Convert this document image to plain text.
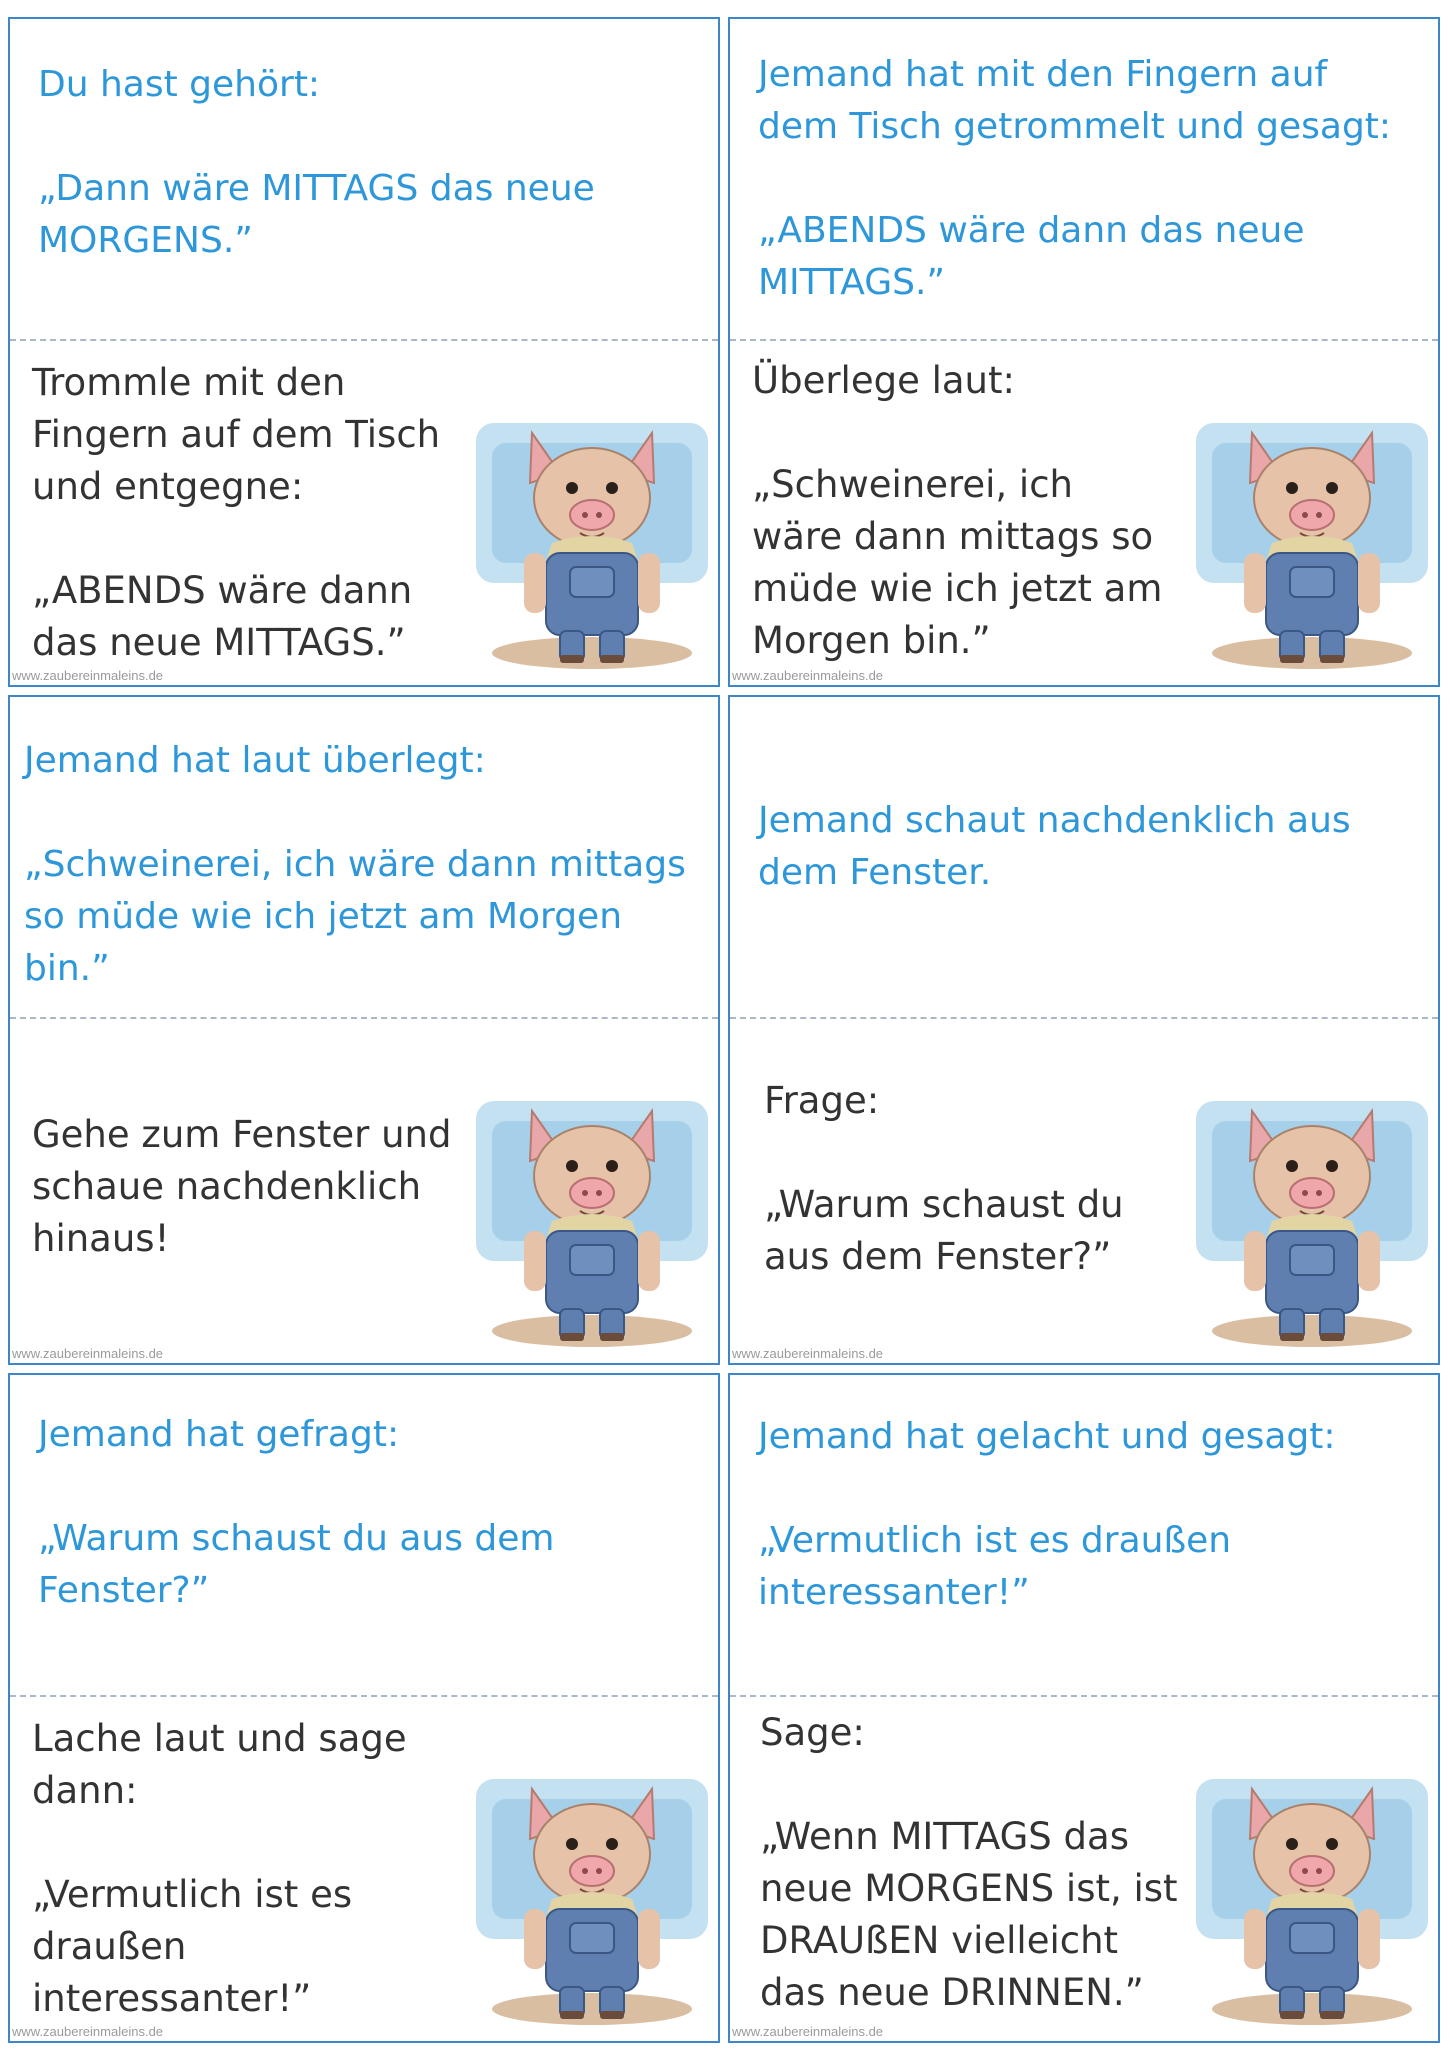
Du hast gehört:

„Dann wäre MITTAGS das neue MORGENS.”

Trommle mit den Fingern auf dem Tisch und entgegne:

„ABENDS wäre dann das neue MITTAGS.”

www.zaubereinmaleins.de

Jemand hat mit den Fingern auf dem Tisch getrommelt und gesagt:

„ABENDS wäre dann das neue MITTAGS.”

Überlege laut:

„Schweinerei, ich wäre dann mittags so müde wie ich jetzt am Morgen bin.”

www.zaubereinmaleins.de

Jemand hat laut überlegt:

„Schweinerei, ich wäre dann mittags so müde wie ich jetzt am Morgen bin.”

Gehe zum Fenster und schaue nachdenklich hinaus!

www.zaubereinmaleins.de

Jemand schaut nachdenklich aus dem Fenster.

Frage:

„Warum schaust du aus dem Fenster?”

www.zaubereinmaleins.de

Jemand hat gefragt:

„Warum schaust du aus dem Fenster?”

Lache laut und sage dann:

„Vermutlich ist es draußen interessanter!”

www.zaubereinmaleins.de

Jemand hat gelacht und gesagt:

„Vermutlich ist es draußen interessanter!”

Sage:

„Wenn MITTAGS das neue MORGENS ist, ist DRAUßEN vielleicht das neue DRINNEN.”

www.zaubereinmaleins.de
